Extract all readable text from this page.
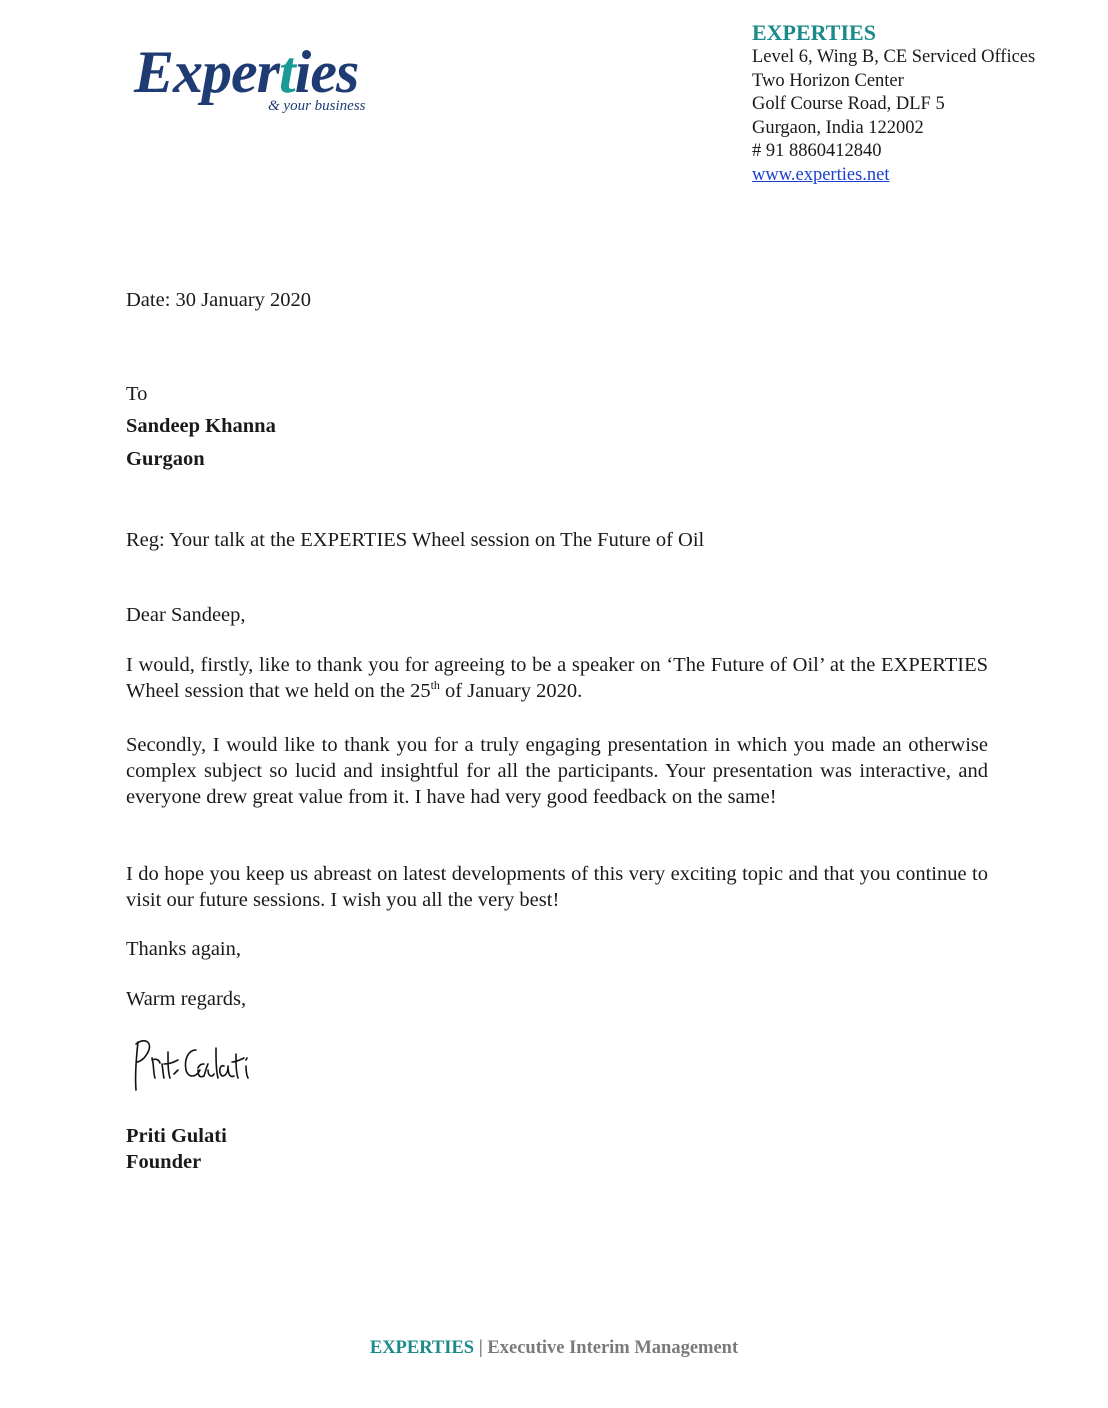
Experties
& your business
EXPERTIES
Level 6, Wing B, CE Serviced Offices
Two Horizon Center
Golf Course Road, DLF 5
Gurgaon, India 122002
# 91 8860412840
www.experties.net
Date: 30 January 2020
To
Sandeep Khanna
Gurgaon
Reg: Your talk at the EXPERTIES Wheel session on The Future of Oil
Dear Sandeep,
I would, firstly, like to thank you for agreeing to be a speaker on ‘The Future of Oil’ at the EXPERTIES Wheel session that we held on the 25th of January 2020.
Secondly, I would like to thank you for a truly engaging presentation in which you made an otherwise complex subject so lucid and insightful for all the participants. Your presentation was interactive, and everyone drew great value from it. I have had very good feedback on the same!
I do hope you keep us abreast on latest developments of this very exciting topic and that you continue to visit our future sessions. I wish you all the very best!
Thanks again,
Warm regards,
Priti Gulati
Founder
EXPERTIES | Executive Interim Management
